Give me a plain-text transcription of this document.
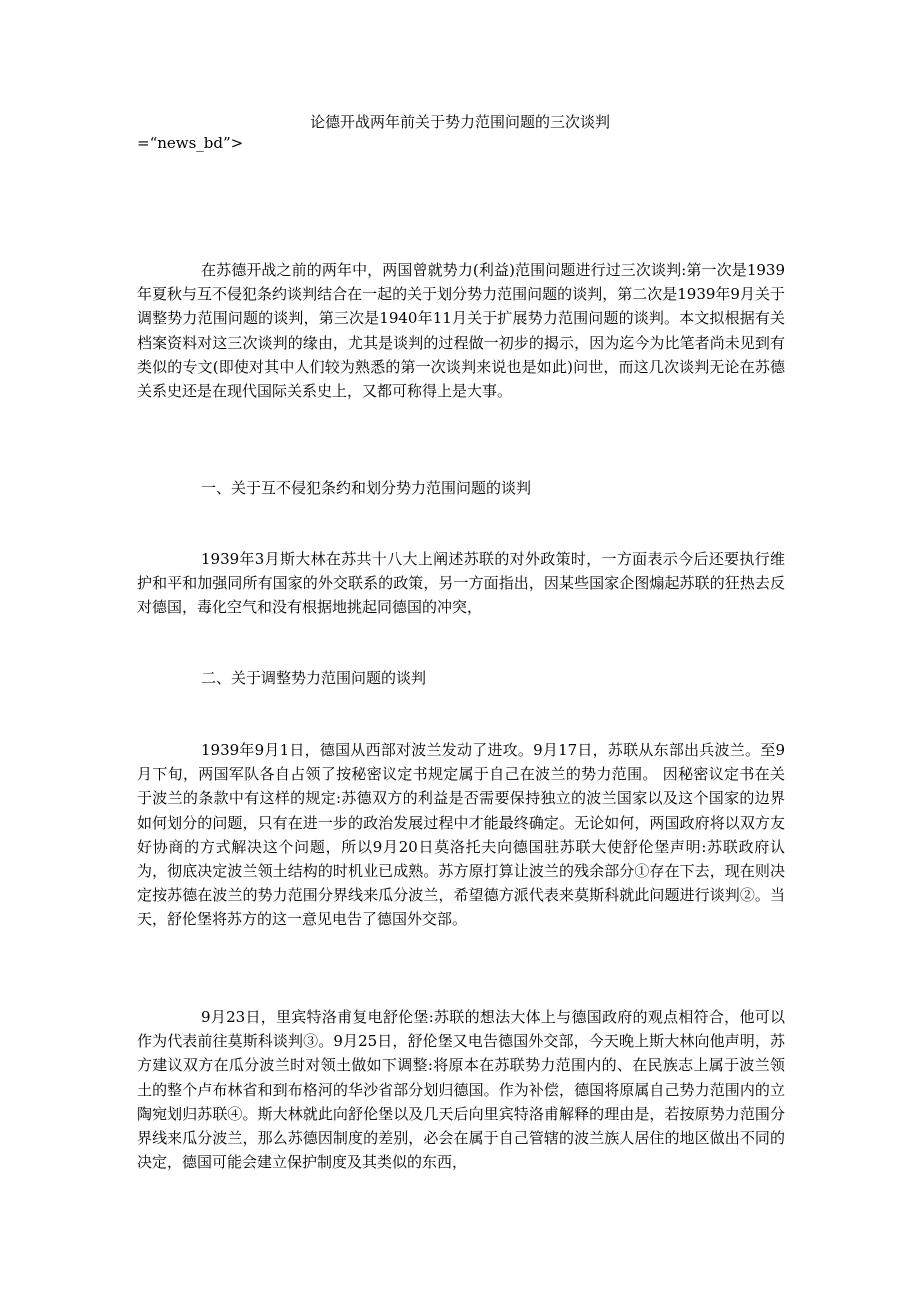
论德开战两年前关于势力范围问题的三次谈判
=“news_bd”>

在苏德开战之前的两年中，两国曾就势力(利益)范围问题进行过三次谈判:第一次是1939年夏秋与互不侵犯条约谈判结合在一起的关于划分势力范围问题的谈判，第二次是1939年9月关于调整势力范围问题的谈判，第三次是1940年11月关于扩展势力范围问题的谈判。本文拟根据有关档案资料对这三次谈判的缘由，尤其是谈判的过程做一初步的揭示，因为迄今为比笔者尚未见到有类似的专文(即使对其中人们较为熟悉的第一次谈判来说也是如此)问世，而这几次谈判无论在苏德关系史还是在现代国际关系史上，又都可称得上是大事。

一、关于互不侵犯条约和划分势力范围问题的谈判

1939年3月斯大林在苏共十八大上阐述苏联的对外政策时，一方面表示今后还要执行维护和平和加强同所有国家的外交联系的政策，另一方面指出，因某些国家企图煽起苏联的狂热去反对德国，毒化空气和没有根据地挑起同德国的冲突，

二、关于调整势力范围问题的谈判

1939年9月1日，德国从西部对波兰发动了进攻。9月17日，苏联从东部出兵波兰。至9月下旬，两国军队各自占领了按秘密议定书规定属于自己在波兰的势力范围。 因秘密议定书在关于波兰的条款中有这样的规定:苏德双方的利益是否需要保持独立的波兰国家以及这个国家的边界如何划分的问题，只有在进一步的政治发展过程中才能最终确定。无论如何，两国政府将以双方友好协商的方式解决这个问题，所以9月20日莫洛托夫向德国驻苏联大使舒伦堡声明:苏联政府认为，彻底决定波兰领土结构的时机业已成熟。苏方原打算让波兰的残余部分①存在下去，现在则决定按苏德在波兰的势力范围分界线来瓜分波兰，希望德方派代表来莫斯科就此问题进行谈判②。当天，舒伦堡将苏方的这一意见电告了德国外交部。

9月23日，里宾特洛甫复电舒伦堡:苏联的想法大体上与德国政府的观点相符合，他可以作为代表前往莫斯科谈判③。9月25日，舒伦堡又电告德国外交部，今天晚上斯大林向他声明，苏方建议双方在瓜分波兰时对领土做如下调整:将原本在苏联势力范围内的、在民族志上属于波兰领土的整个卢布林省和到布格河的华沙省部分划归德国。作为补偿，德国将原属自己势力范围内的立陶宛划归苏联④。斯大林就此向舒伦堡以及几天后向里宾特洛甫解释的理由是，若按原势力范围分界线来瓜分波兰，那么苏德因制度的差别，必会在属于自己管辖的波兰族人居住的地区做出不同的决定，德国可能会建立保护制度及其类似的东西，
